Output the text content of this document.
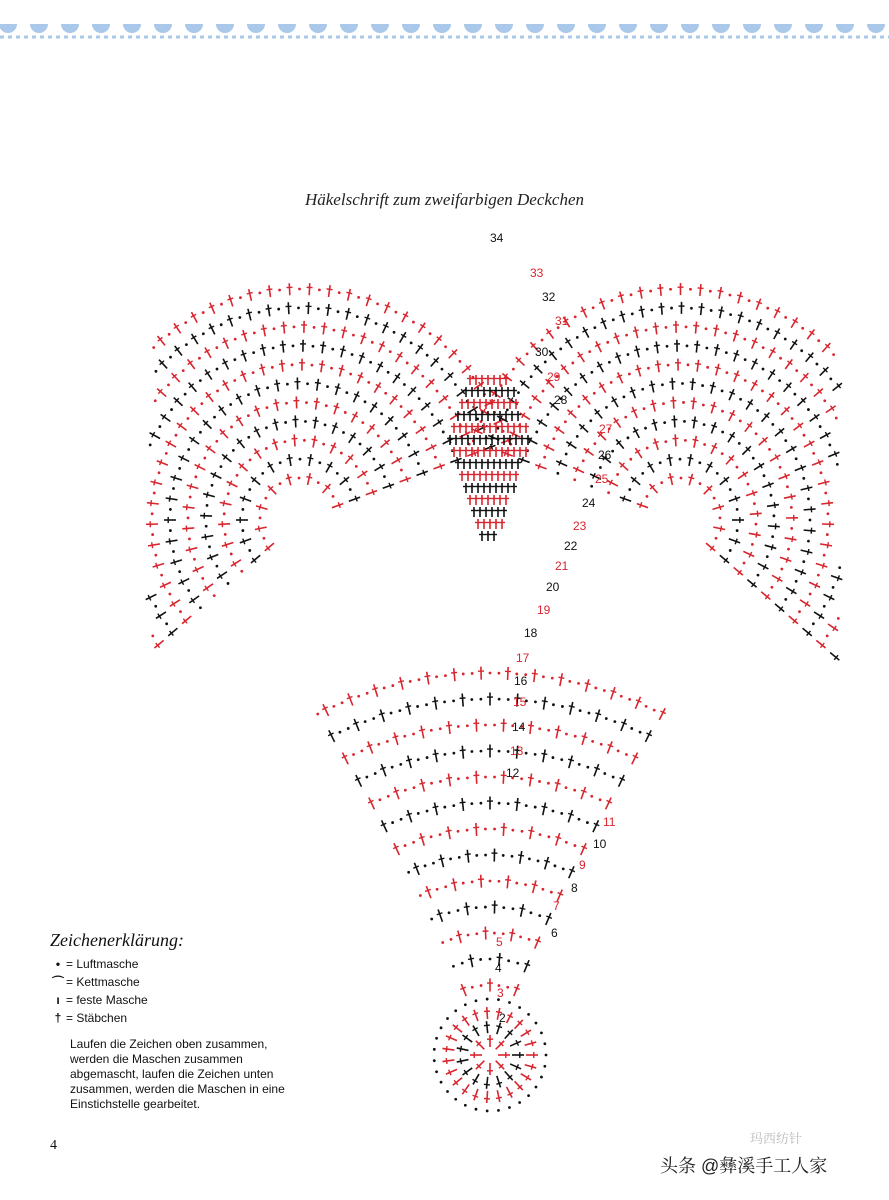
Häkelschrift zum zweifarbigen Deckchen
2
3
4
5
6
7
8
9
10
11
12
13
14
15
16
17
18
19
20
21
22
23
24
25
26
27
28
29
30
31
32
33
34
Zeichenerklärung:
• = Luftmasche
⌒ = Kettmasche
ı = feste Masche
† = Stäbchen
Laufen die Zeichen oben zusammen, werden die Maschen zusammen abgemascht, laufen die Zeichen unten zusammen, werden die Maschen in eine Einstichstelle gearbeitet.
4	玛西纺针
头条 @彝溪手工人家
